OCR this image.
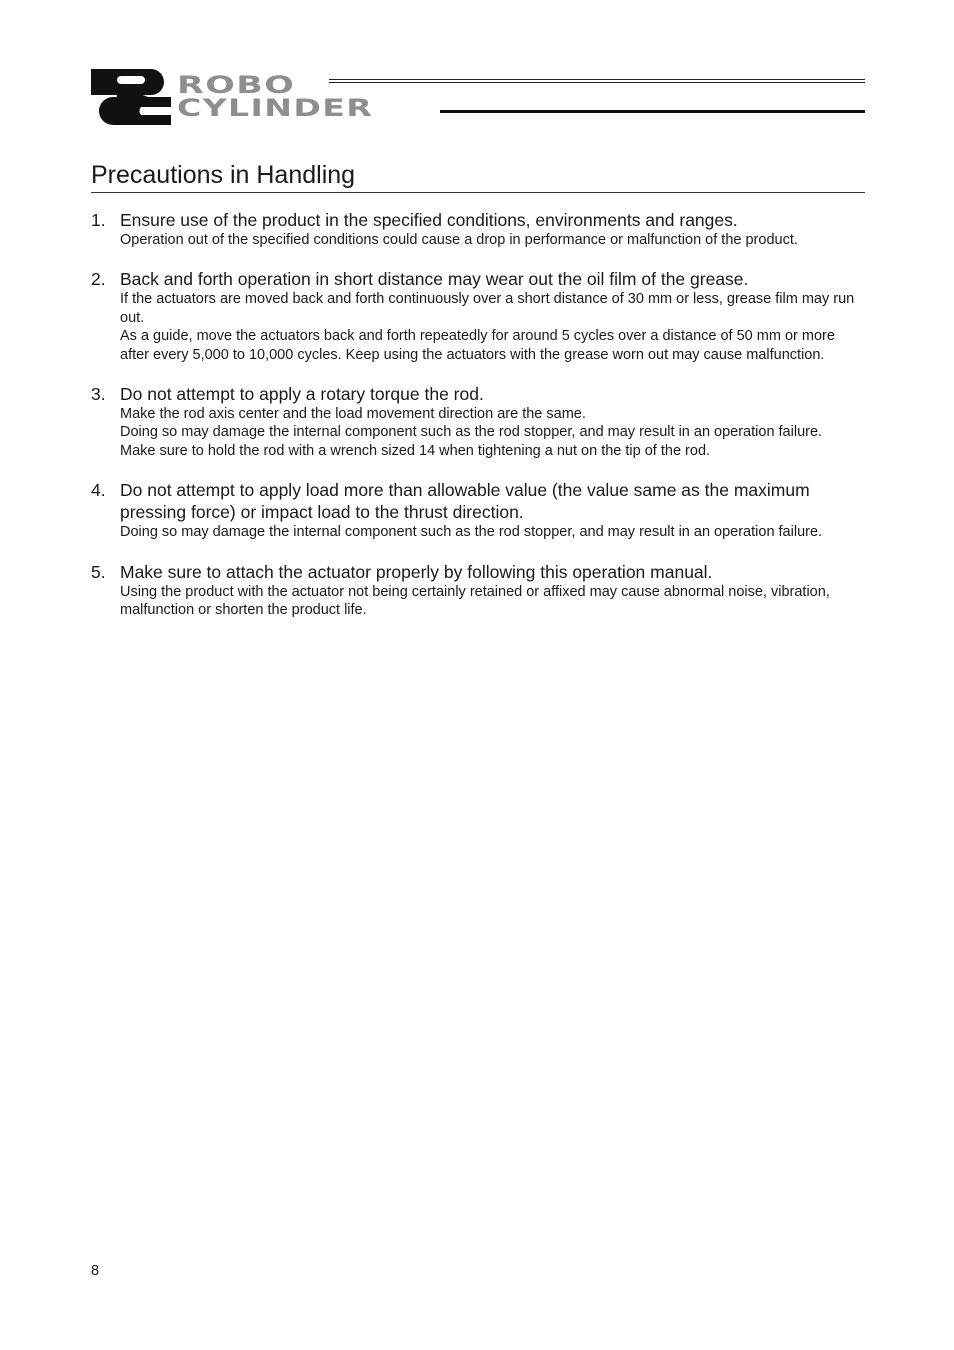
ROBO
CYLINDER
Precautions in Handling
1. Ensure use of the product in the specified conditions, environments and ranges.

Operation out of the specified conditions could cause a drop in performance or malfunction of the product.

2. Back and forth operation in short distance may wear out the oil film of the grease.

If the actuators are moved back and forth continuously over a short distance of 30 mm or less, grease film may run out.

As a guide, move the actuators back and forth repeatedly for around 5 cycles over a distance of 50 mm or more after every 5,000 to 10,000 cycles. Keep using the actuators with the grease worn out may cause malfunction.

3. Do not attempt to apply a rotary torque the rod.

Make the rod axis center and the load movement direction are the same.

Doing so may damage the internal component such as the rod stopper, and may result in an operation failure.

Make sure to hold the rod with a wrench sized 14 when tightening a nut on the tip of the rod.

4. Do not attempt to apply load more than allowable value (the value same as the maximum pressing force) or impact load to the thrust direction.

Doing so may damage the internal component such as the rod stopper, and may result in an operation failure.

5. Make sure to attach the actuator properly by following this operation manual.

Using the product with the actuator not being certainly retained or affixed may cause abnormal noise, vibration, malfunction or shorten the product life.

8
